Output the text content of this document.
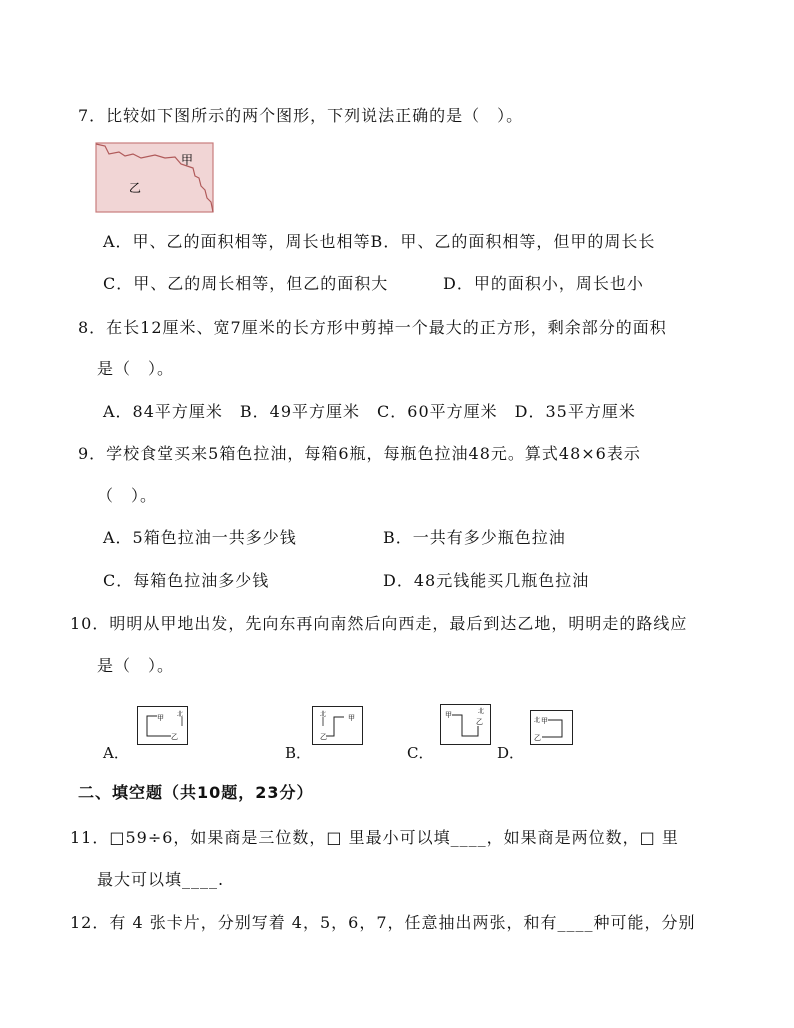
7．比较如下图所示的两个图形，下列说法正确的是（　）。
甲
乙
A．甲、乙的面积相等，周长也相等B．甲、乙的面积相等，但甲的周长长
C．甲、乙的周长相等，但乙的面积大	D．甲的面积小，周长也小
8．在长12厘米、宽7厘米的长方形中剪掉一个最大的正方形，剩余部分的面积
是（　）。
A．84平方厘米　B．49平方厘米　C．60平方厘米　D．35平方厘米
9．学校食堂买来5箱色拉油，每箱6瓶，每瓶色拉油48元。算式48×6表示
（　）。
A．5箱色拉油一共多少钱	B．一共有多少瓶色拉油
C．每箱色拉油多少钱	D．48元钱能买几瓶色拉油
10．明明从甲地出发，先向东再向南然后向西走，最后到达乙地，明明走的路线应
是（　）。
A．	B．	C．	D．
甲
乙
北	甲
乙
北	甲
乙
北
北 甲
乙
二、填空题（共10题，23分）
11．□59÷6，如果商是三位数，□ 里最小可以填____，如果商是两位数，□ 里
最大可以填____.
12．有 4 张卡片，分别写着 4，5，6，7，任意抽出两张，和有____种可能，分别
